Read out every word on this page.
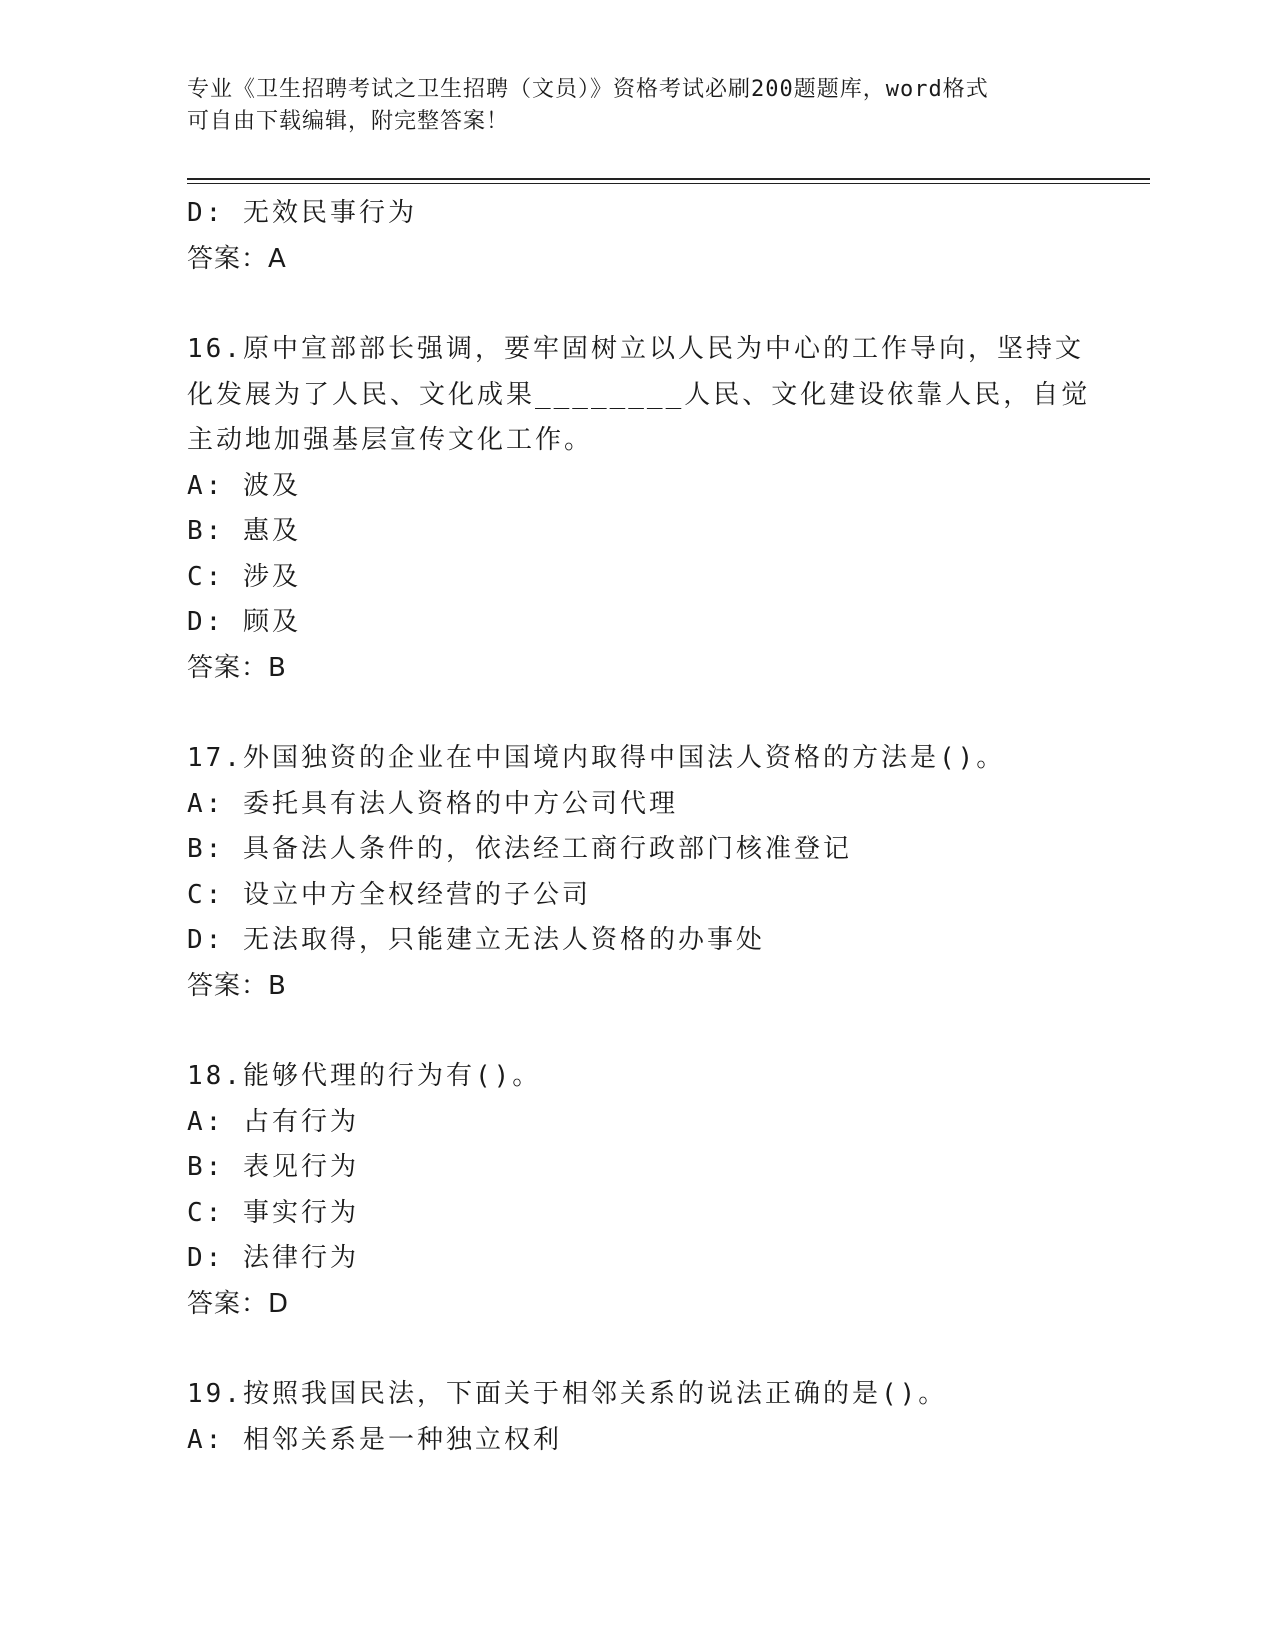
专业《卫生招聘考试之卫生招聘（文员）》资格考试必刷200题题库，word格式
可自由下载编辑，附完整答案！
D: 无效民事行为
答案：A
16.原中宣部部长强调，要牢固树立以人民为中心的工作导向，坚持文
化发展为了人民、文化成果________人民、文化建设依靠人民，自觉
主动地加强基层宣传文化工作。
A: 波及
B: 惠及
C: 涉及
D: 顾及
答案：B
17.外国独资的企业在中国境内取得中国法人资格的方法是()。
A: 委托具有法人资格的中方公司代理
B: 具备法人条件的，依法经工商行政部门核准登记
C: 设立中方全权经营的子公司
D: 无法取得，只能建立无法人资格的办事处
答案：B
18.能够代理的行为有()。
A: 占有行为
B: 表见行为
C: 事实行为
D: 法律行为
答案：D
19.按照我国民法，下面关于相邻关系的说法正确的是()。
A: 相邻关系是一种独立权利
